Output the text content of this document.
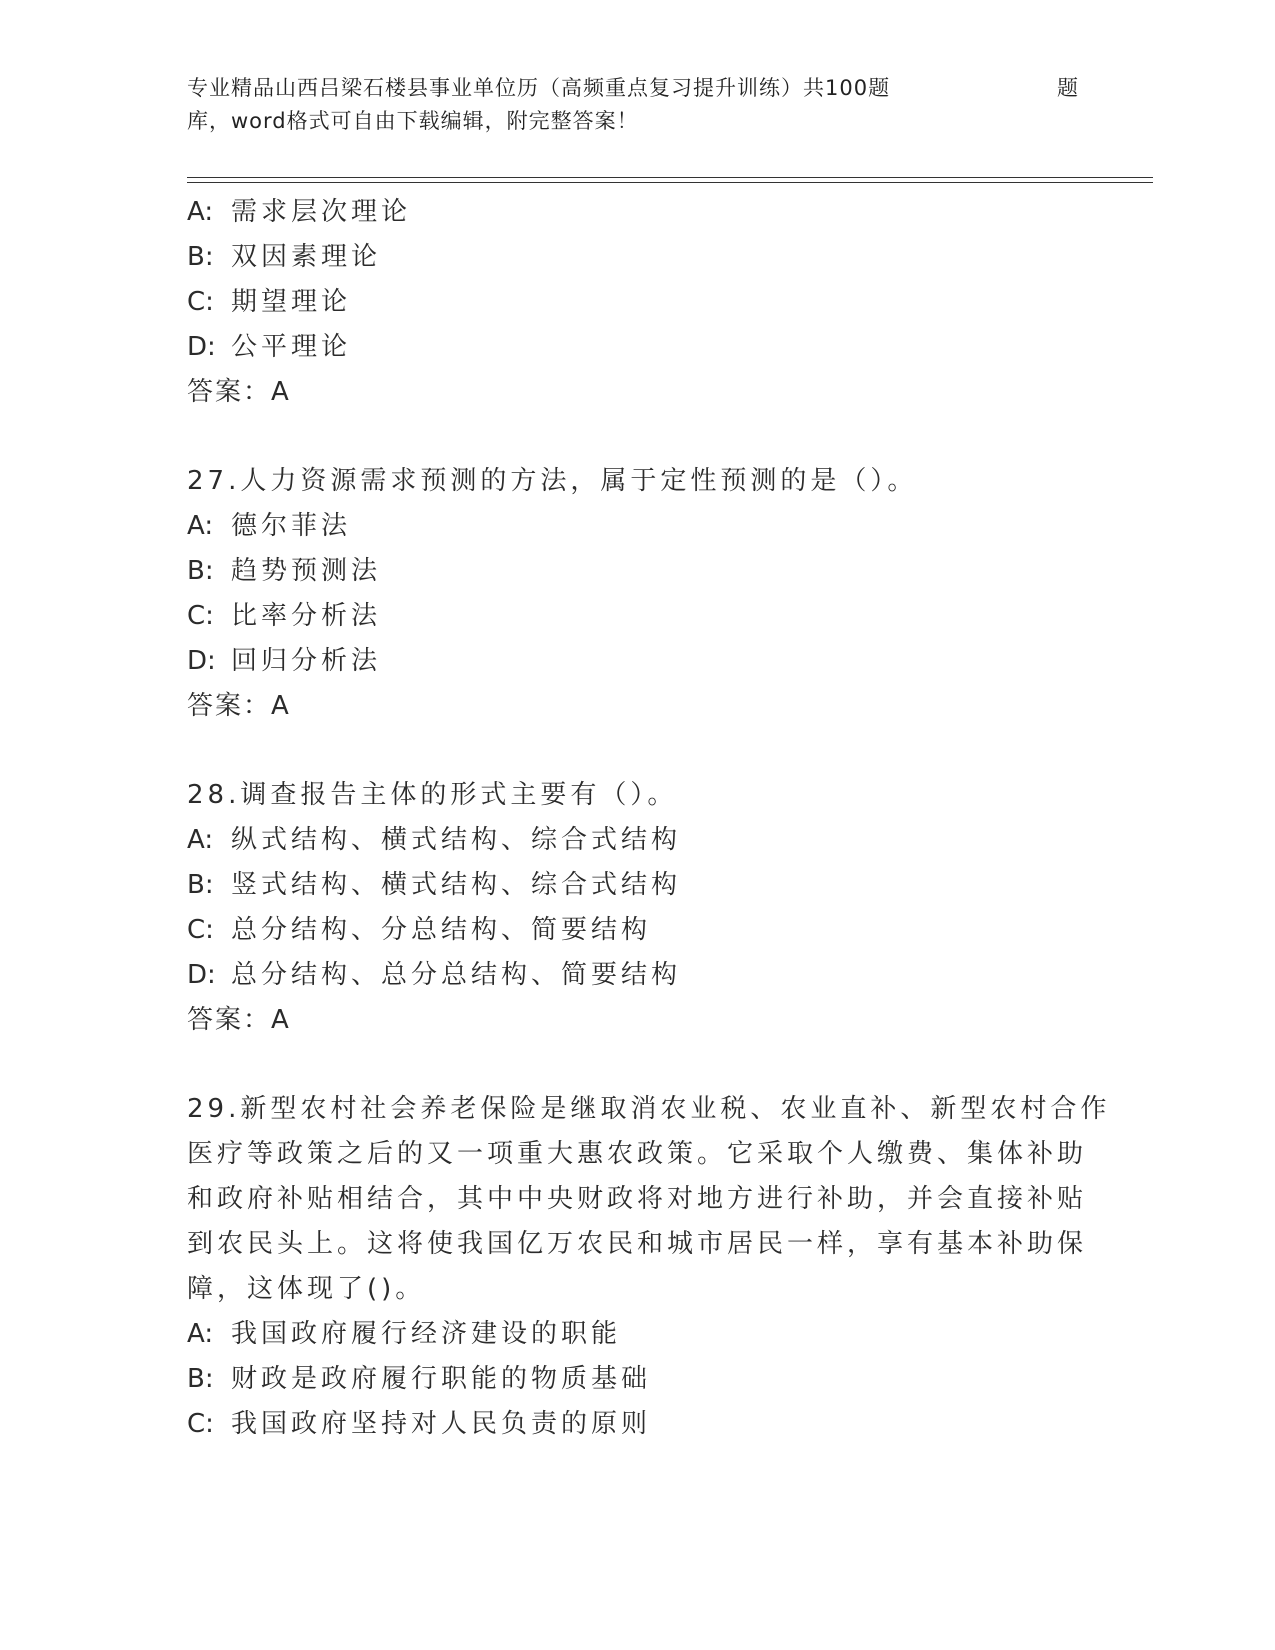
专业精品山西吕梁石楼县事业单位历（高频重点复习提升训练）共100题	题
库，word格式可自由下载编辑，附完整答案！
A: 需求层次理论
B: 双因素理论
C: 期望理论
D: 公平理论
答案：A
27.人力资源需求预测的方法，属于定性预测的是（）。
A: 德尔菲法
B: 趋势预测法
C: 比率分析法
D: 回归分析法
答案：A
28.调查报告主体的形式主要有（）。
A: 纵式结构、横式结构、综合式结构
B: 竖式结构、横式结构、综合式结构
C: 总分结构、分总结构、简要结构
D: 总分结构、总分总结构、简要结构
答案：A
29.新型农村社会养老保险是继取消农业税、农业直补、新型农村合作
医疗等政策之后的又一项重大惠农政策。它采取个人缴费、集体补助
和政府补贴相结合，其中中央财政将对地方进行补助，并会直接补贴
到农民头上。这将使我国亿万农民和城市居民一样，享有基本补助保
障，这体现了()。
A: 我国政府履行经济建设的职能
B: 财政是政府履行职能的物质基础
C: 我国政府坚持对人民负责的原则
